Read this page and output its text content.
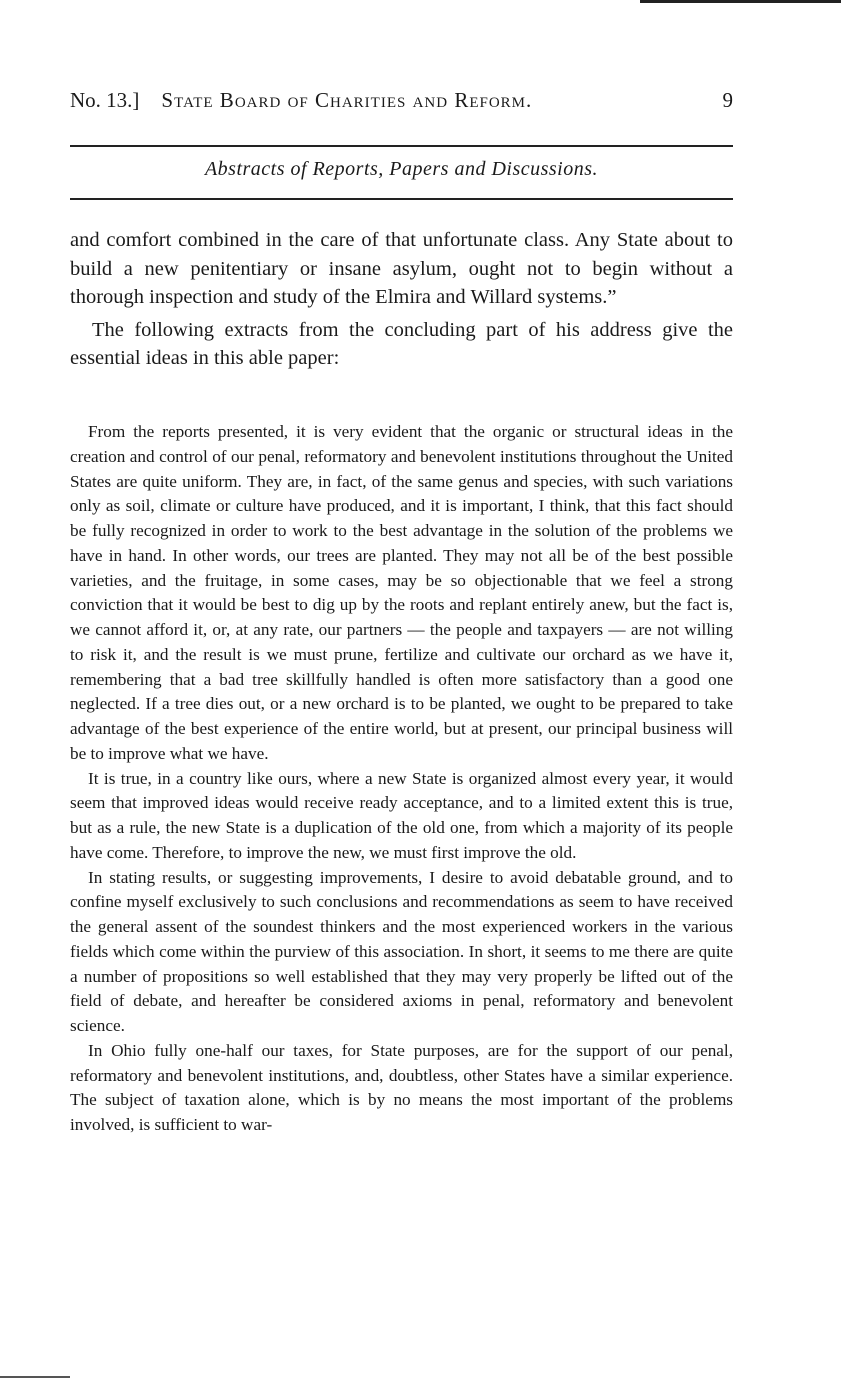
No. 13.] State Board of Charities and Reform.	9
Abstracts of Reports, Papers and Discussions.

and comfort combined in the care of that unfortunate class. Any State about to build a new penitentiary or insane asylum, ought not to begin without a thorough inspection and study of the Elmira and Willard systems.”

The following extracts from the concluding part of his address give the essential ideas in this able paper:

From the reports presented, it is very evident that the organic or structural ideas in the creation and control of our penal, reformatory and benevolent institutions throughout the United States are quite uniform. They are, in fact, of the same genus and species, with such variations only as soil, climate or culture have produced, and it is important, I think, that this fact should be fully recognized in order to work to the best advantage in the solution of the problems we have in hand. In other words, our trees are planted. They may not all be of the best possible varieties, and the fruitage, in some cases, may be so objectionable that we feel a strong conviction that it would be best to dig up by the roots and replant entirely anew, but the fact is, we cannot afford it, or, at any rate, our partners — the people and taxpayers — are not willing to risk it, and the result is we must prune, fertilize and cultivate our orchard as we have it, remembering that a bad tree skillfully handled is often more satisfactory than a good one neglected. If a tree dies out, or a new orchard is to be planted, we ought to be prepared to take advantage of the best experience of the entire world, but at present, our principal business will be to improve what we have.

It is true, in a country like ours, where a new State is organized almost every year, it would seem that improved ideas would receive ready acceptance, and to a limited extent this is true, but as a rule, the new State is a duplication of the old one, from which a majority of its people have come. Therefore, to improve the new, we must first improve the old.

In stating results, or suggesting improvements, I desire to avoid debatable ground, and to confine myself exclusively to such conclusions and recommendations as seem to have received the general assent of the soundest thinkers and the most experienced workers in the various fields which come within the purview of this association. In short, it seems to me there are quite a number of propositions so well established that they may very properly be lifted out of the field of debate, and hereafter be considered axioms in penal, reformatory and benevolent science.

In Ohio fully one-half our taxes, for State purposes, are for the support of our penal, reformatory and benevolent institutions, and, doubtless, other States have a similar experience. The subject of taxation alone, which is by no means the most important of the problems involved, is sufficient to war-
